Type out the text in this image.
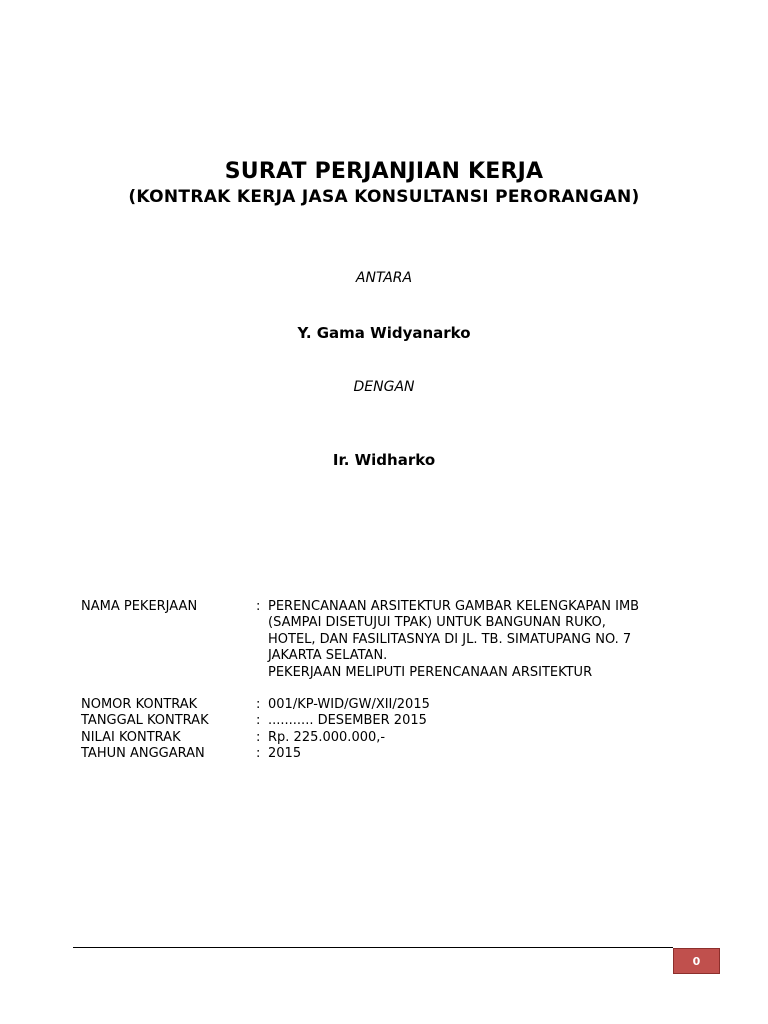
SURAT PERJANJIAN KERJA
(KONTRAK KERJA JASA KONSULTANSI PERORANGAN)
ANTARA
Y. Gama Widyanarko
DENGAN
Ir. Widharko
NAMA PEKERJAAN	: PERENCANAAN ARSITEKTUR GAMBAR KELENGKAPAN IMB
(SAMPAI DISETUJUI TPAK) UNTUK BANGUNAN RUKO,
HOTEL, DAN FASILITASNYA DI JL. TB. SIMATUPANG NO. 7
JAKARTA SELATAN.
PEKERJAAN MELIPUTI PERENCANAAN ARSITEKTUR
NOMOR KONTRAK	: 001/KP-WID/GW/XII/2015
TANGGAL KONTRAK	: ........... DESEMBER 2015
NILAI KONTRAK	: Rp. 225.000.000,-
TAHUN ANGGARAN	: 2015
0
